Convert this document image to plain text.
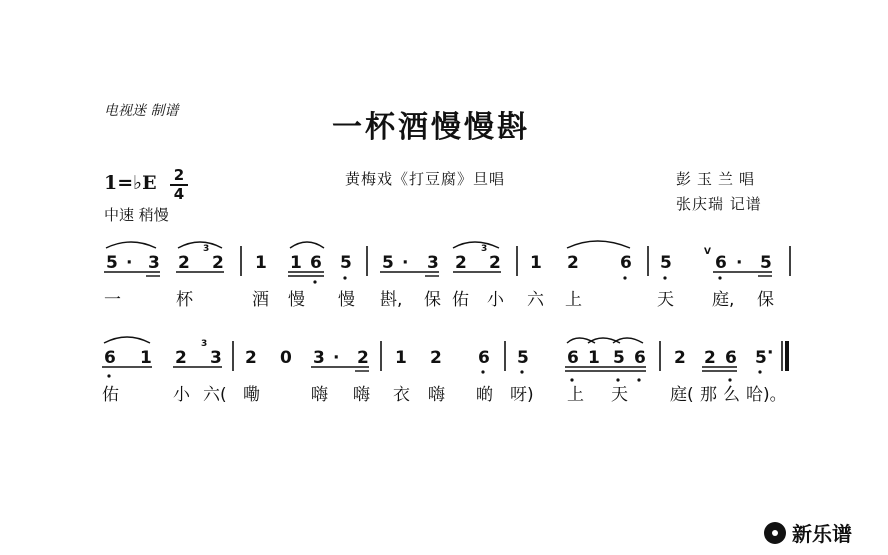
电视迷 制谱	一杯酒慢慢斟
1=♭E 2
4
中速 稍慢
黄梅戏《打豆腐》旦唱	彭玉兰唱
张庆瑞 记谱
5 · 3 2 2
3
1 1 6 5 5 · 3 2 2
3
1 2 6 5
V
6 · 5
一	杯	酒 慢 慢 斟, 保 佑 小 六 上	天 庭, 保
6 1 2 3
3
2 0 3 · 2 1 2 6 5 6 1 5 6 2 2 6 5 ·
佑	小 六( 嘞	嗨 嗨 衣 嗨 啲 呀) 上 天 庭( 那 么 哈)。
新乐谱
